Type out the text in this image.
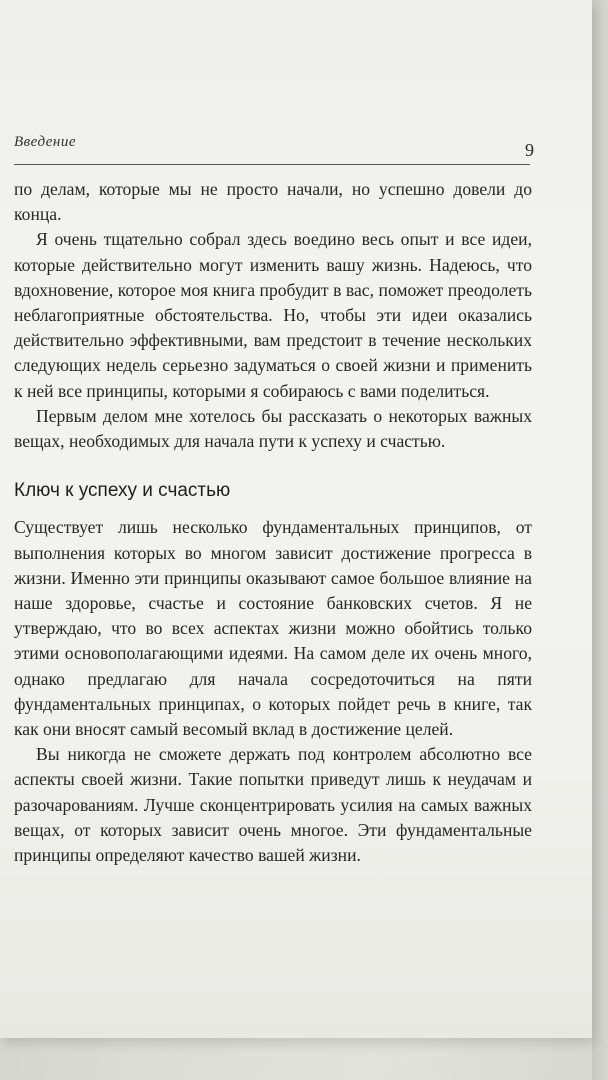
Введение	9

по делам, которые мы не просто начали, но успешно довели до конца.

Я очень тщательно собрал здесь воедино весь опыт и все идеи, которые действительно могут изменить вашу жизнь. Надеюсь, что вдохновение, которое моя книга пробудит в вас, поможет преодолеть неблагоприятные обстоятельства. Но, чтобы эти идеи оказались действительно эффективными, вам предстоит в течение нескольких следующих недель серьезно задуматься о своей жизни и применить к ней все принципы, которыми я собираюсь с вами поделиться.

Первым делом мне хотелось бы рассказать о некоторых важных вещах, необходимых для начала пути к успеху и счастью.

Ключ к успеху и счастью

Существует лишь несколько фундаментальных принципов, от выполнения которых во многом зависит достижение прогресса в жизни. Именно эти принципы оказывают самое большое влияние на наше здоровье, счастье и состояние банковских счетов. Я не утверждаю, что во всех аспектах жизни можно обойтись только этими основополагающими идеями. На самом деле их очень много, однако предлагаю для начала сосредоточиться на пяти фундаментальных принципах, о которых пойдет речь в книге, так как они вносят самый весомый вклад в достижение целей.

Вы никогда не сможете держать под контролем абсолютно все аспекты своей жизни. Такие попытки приведут лишь к неудачам и разочарованиям. Лучше сконцентрировать усилия на самых важных вещах, от которых зависит очень многое. Эти фундаментальные принципы определяют качество вашей жизни.
